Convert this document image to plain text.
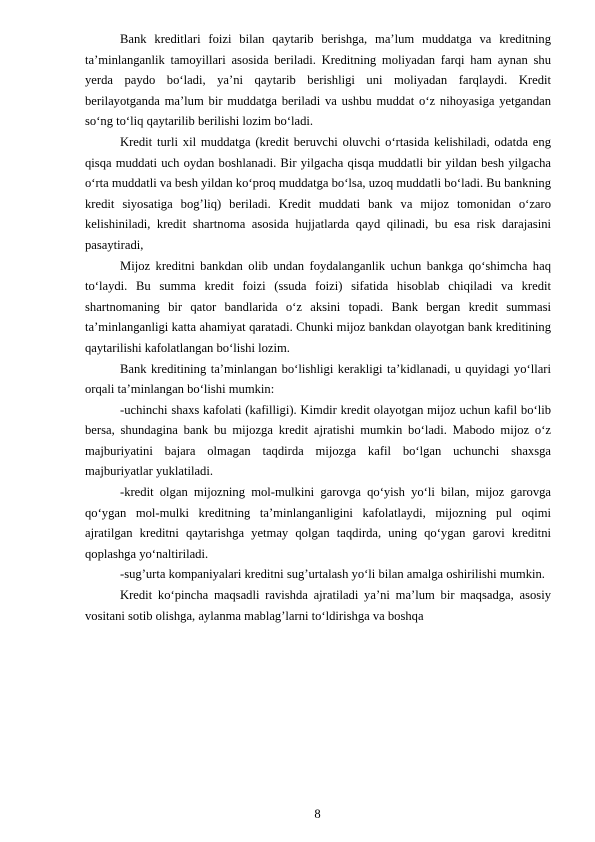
Bank kreditlari foizi bilan qaytarib berishga, ma’lum muddatga va kreditning ta’minlanganlik tamoyillari asosida beriladi. Kreditning moliyadan farqi ham aynan shu yerda paydo bo‘ladi, ya’ni qaytarib berishligi uni moliyadan farqlaydi. Kredit berilayotganda ma’lum bir muddatga beriladi va ushbu muddat o‘z nihoyasiga yetgandan so‘ng to‘liq qaytarilib berilishi lozim bo‘ladi.

Kredit turli xil muddatga (kredit beruvchi oluvchi o‘rtasida kelishiladi, odatda eng qisqa muddati uch oydan boshlanadi. Bir yilgacha qisqa muddatli bir yildan besh yilgacha o‘rta muddatli va besh yildan ko‘proq muddatga bo‘lsa, uzoq muddatli bo‘ladi. Bu bankning kredit siyosatiga bog’liq) beriladi. Kredit muddati bank va mijoz tomonidan o‘zaro kelishiniladi, kredit shartnoma asosida hujjatlarda qayd qilinadi, bu esa risk darajasini pasaytiradi,

Mijoz kreditni bankdan olib undan foydalanganlik uchun bankga qo‘shimcha haq to‘laydi. Bu summa kredit foizi (ssuda foizi) sifatida hisoblab chiqiladi va kredit shartnomaning bir qator bandlarida o‘z aksini topadi. Bank bergan kredit summasi ta’minlanganligi katta ahamiyat qaratadi. Chunki mijoz bankdan olayotgan bank kreditining qaytarilishi kafolatlangan bo‘lishi lozim.

Bank kreditining ta’minlangan bo‘lishligi kerakligi ta’kidlanadi, u quyidagi yo‘llari orqali ta’minlangan bo‘lishi mumkin:

-uchinchi shaxs kafolati (kafilligi). Kimdir kredit olayotgan mijoz uchun kafil bo‘lib bersa, shundagina bank bu mijozga kredit ajratishi mumkin bo‘ladi. Mabodo mijoz o‘z majburiyatini bajara olmagan taqdirda mijozga kafil bo‘lgan uchunchi shaxsga majburiyatlar yuklatiladi.

-kredit olgan mijozning mol-mulkini garovga qo‘yish yo‘li bilan, mijoz garovga qo‘ygan mol-mulki kreditning ta’minlanganligini kafolatlaydi, mijozning pul oqimi ajratilgan kreditni qaytarishga yetmay qolgan taqdirda, uning qo‘ygan garovi kreditni qoplashga yo‘naltiriladi.

-sug’urta kompaniyalari kreditni sug’urtalash yo‘li bilan amalga oshirilishi mumkin.

Kredit ko‘pincha maqsadli ravishda ajratiladi ya’ni ma’lum bir maqsadga, asosiy vositani sotib olishga, aylanma mablag’larni to‘ldirishga va boshqa

8
